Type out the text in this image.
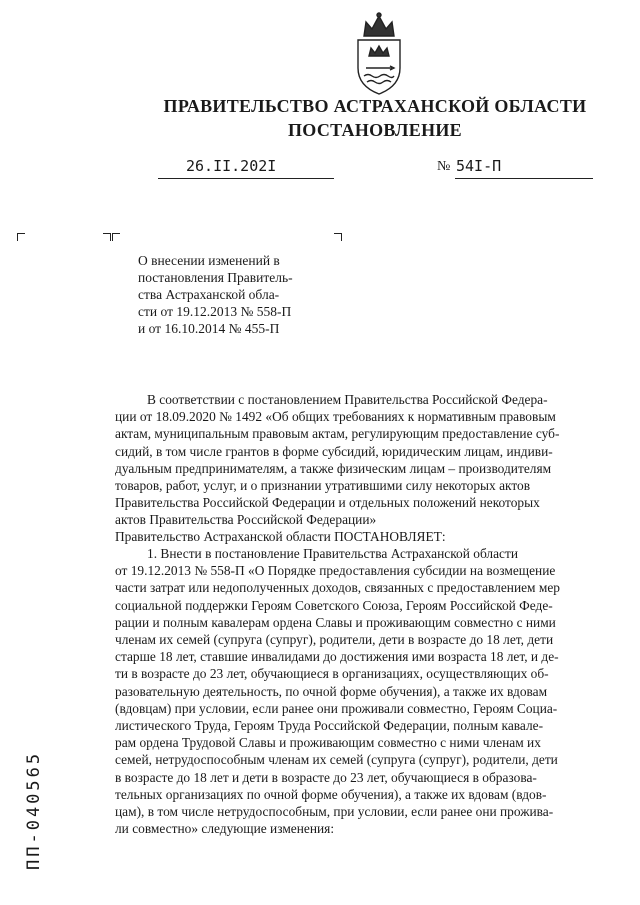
ПРАВИТЕЛЬСТВО АСТРАХАНСКОЙ ОБЛАСТИ
ПОСТАНОВЛЕНИЕ
26.II.202I	№ 54I-П
О внесении изменений в
постановления Правитель-
ства Астраханской обла-
сти от 19.12.2013 № 558-П
и от 16.10.2014 № 455-П
В соответствии с постановлением Правительства Российской Федера-
ции от 18.09.2020 № 1492 «Об общих требованиях к нормативным правовым
актам, муниципальным правовым актам, регулирующим предоставление суб-
сидий, в том числе грантов в форме субсидий, юридическим лицам, индиви-
дуальным предпринимателям, а также физическим лицам – производителям
товаров, работ, услуг, и о признании утратившими силу некоторых актов
Правительства Российской Федерации и отдельных положений некоторых
актов Правительства Российской Федерации»
Правительство Астраханской области ПОСТАНОВЛЯЕТ:
1. Внести в постановление Правительства Астраханской области
от 19.12.2013 № 558-П «О Порядке предоставления субсидии на возмещение
части затрат или недополученных доходов, связанных с предоставлением мер
социальной поддержки Героям Советского Союза, Героям Российской Феде-
рации и полным кавалерам ордена Славы и проживающим совместно с ними
членам их семей (супруга (супруг), родители, дети в возрасте до 18 лет, дети
старше 18 лет, ставшие инвалидами до достижения ими возраста 18 лет, и де-
ти в возрасте до 23 лет, обучающиеся в организациях, осуществляющих об-
разовательную деятельность, по очной форме обучения), а также их вдовам
(вдовцам) при условии, если ранее они проживали совместно, Героям Социа-
листического Труда, Героям Труда Российской Федерации, полным кавале-
рам ордена Трудовой Славы и проживающим совместно с ними членам их
семей, нетрудоспособным членам их семей (супруга (супруг), родители, дети
в возрасте до 18 лет и дети в возрасте до 23 лет, обучающиеся в образова-
тельных организациях по очной форме обучения), а также их вдовам (вдов-
цам), в том числе нетрудоспособным, при условии, если ранее они прожива-
ли совместно» следующие изменения:
ПП-040565
